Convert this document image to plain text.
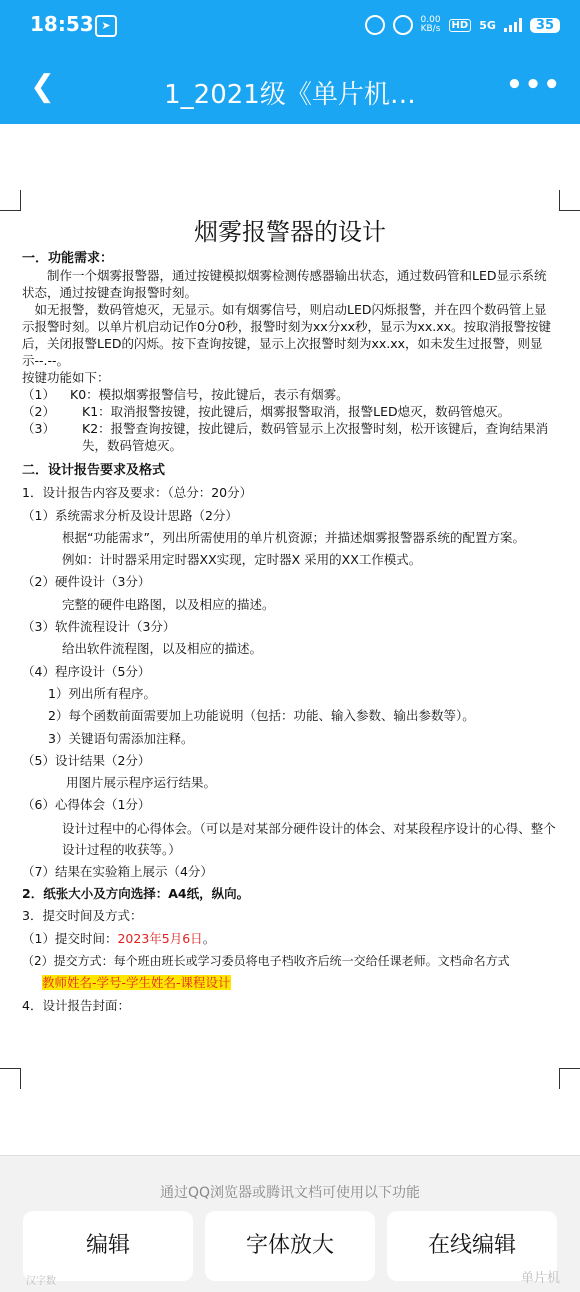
18:53 ➤	0.00
KB/s	HD 5G	35
❮	1_2021级《单片机…	•••
烟雾报警器的设计
一．功能需求：

制作一个烟雾报警器，通过按键模拟烟雾检测传感器输出状态，通过数码管和LED显示系统状态，通过按键查询报警时刻。

如无报警，数码管熄灭，无显示。如有烟雾信号，则启动LED闪烁报警，并在四个数码管上显示报警时刻。以单片机启动记作0分0秒，报警时刻为xx分xx秒，显示为xx.xx。按取消报警按键后，关闭报警LED的闪烁。按下查询按键，显示上次报警时刻为xx.xx，如未发生过报警，则显示--.--。

按键功能如下：
（1）	K0：模拟烟雾报警信号，按此键后，表示有烟雾。
（2）	K1：取消报警按键，按此键后，烟雾报警取消，报警LED熄灭，数码管熄灭。
（3）	K2：报警查询按键，按此键后，数码管显示上次报警时刻，松开该键后，查询结果消失，数码管熄灭。
二．设计报告要求及格式
1．设计报告内容及要求：（总分：20分）
（1）系统需求分析及设计思路（2分）
根据“功能需求”，列出所需使用的单片机资源；并描述烟雾报警器系统的配置方案。
例如：计时器采用定时器XX实现，定时器X 采用的XX工作模式。
（2）硬件设计（3分）
完整的硬件电路图，以及相应的描述。
（3）软件流程设计（3分）
给出软件流程图，以及相应的描述。
（4）程序设计（5分）
1）列出所有程序。
2）每个函数前面需要加上功能说明（包括：功能、输入参数、输出参数等）。
3）关键语句需添加注释。
（5）设计结果（2分）
用图片展示程序运行结果。
（6）心得体会（1分）
设计过程中的心得体会。（可以是对某部分硬件设计的体会、对某段程序设计的心得、整个设计过程的收获等。）
（7）结果在实验箱上展示（4分）
2．纸张大小及方向选择：A4纸，纵向。
3．提交时间及方式：
（1）提交时间：2023年5月6日。
（2）提交方式：每个班由班长或学习委员将电子档收齐后统一交给任课老师。文档命名方式
教师姓名-学号-学生姓名-课程设计
4．设计报告封面：
通过QQ浏览器或腾讯文档可使用以下功能
编辑	字体放大	在线编辑
汉字数	单片机
